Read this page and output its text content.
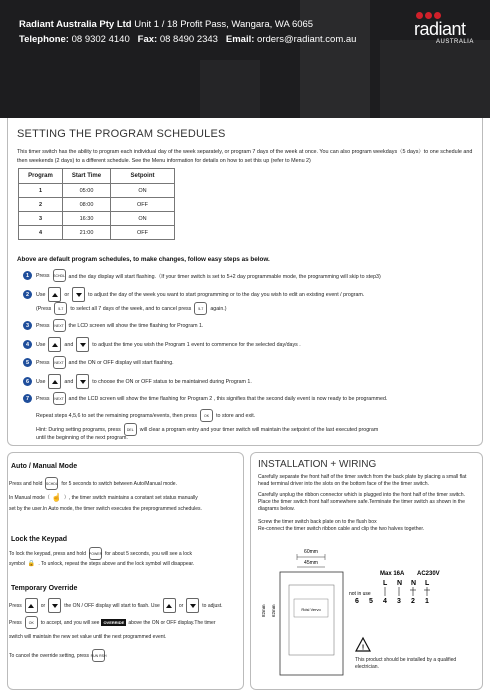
Radiant Australia Pty Ltd Unit 1 / 18 Profit Pass, Wangara, WA 6065
Telephone: 08 9302 4140 Fax: 08 8490 2343 Email: orders@radiant.com.au
radiant
AUSTRALIA
SETTING THE PROGRAM SCHEDULES
This timer switch has the ability to program each individual day of the week separately, or program 7 days of the week at once. You can also program weekdays（5 days）to one schedule and then weekends (2 days) to a different schedule. See the Menu information for details on how to set this up (refer to Menu 2)
Program	Start Time	Setpoint
1	05:00	ON
2	08:00	OFF
3	16:30	ON
4	21:00	OFF
Above are default program schedules, to make changes, follow easy steps as below.
1	Press SCHDL and the day display will start flashing.（If your timer switch is set to 5+2 day programmable mode, the programming will skip to step3)
2	Use	or	to adjust the day of the week you want to start programming or to the day you wish to edit an existing event / program.
(Press	5-7	to select all 7 days of the week, and to cancel press	5-7	again.)
3	Press	NEXT the LCD screen will show the time flashing for Program 1.
4	Use	and	to adjust the time you wish the Program 1 event to commence for the selected day/days .
5	Press	NEXT and the ON or OFF display will start flashing.
6	Use	and	to choose the ON or OFF status to be maintained during Program 1.
7	Press	NEXT and the LCD screen will show the time flashing for Program 2 , this signifies that the second daily event is now ready to be programmed.
Repeat steps 4,5,6 to set the remaining programs/events, then press	OK	to store and exit.
Hint: During setting programs, press	DEL	will clear a program entry and your timer switch will maintain the setpoint of the last executed program
until the beginning of the next program.
Auto / Manual Mode
Press and hold SCHDL for 5 seconds to switch between Auto/Manual mode.
In Manual mode（ ☝ ）, the timer switch maintains a constant set status manually
set by the user.In Auto mode, the timer switch executes the preprogrammed schedules.
Lock the Keypad
To lock the keypad, press and hold POWER for about 5 seconds, you will see a lock
symbol 🔒 . To unlock, repeat the steps above and the lock symbol will disappear.
Temporary Override
Press	or	the ON / OFF display will start to flash. Use	or	to adjust.
Press	OK	to accept, and you will see	OVERRIDE above the ON or OFF display.The timer
switch will maintain the new set value until the next programmed event.
To cancel the override setting, press RUN RSH
INSTALLATION + WIRING
Carefully separate the front half of the timer switch from the back plate by placing a small flat head terminal driver into the slots on the bottom face of the the timer switch.
Carefully unplug the ribbon connector which is plugged into the front half of the timer switch. Place the timer switch front half somewhere safe.Terminate the timer switch as shown in the diagrams below.
Screw the timer switch back plate on to the flush box
Re-connect the timer switch ribbon cable and clip the two halves together.
60mm
45mm
Rdsl Vervo
82mm 62mm
Max 16A AC230V
L N N L
not in use
6 5 4 3 2 1
!
This product should be installed by a qualified electrician.
